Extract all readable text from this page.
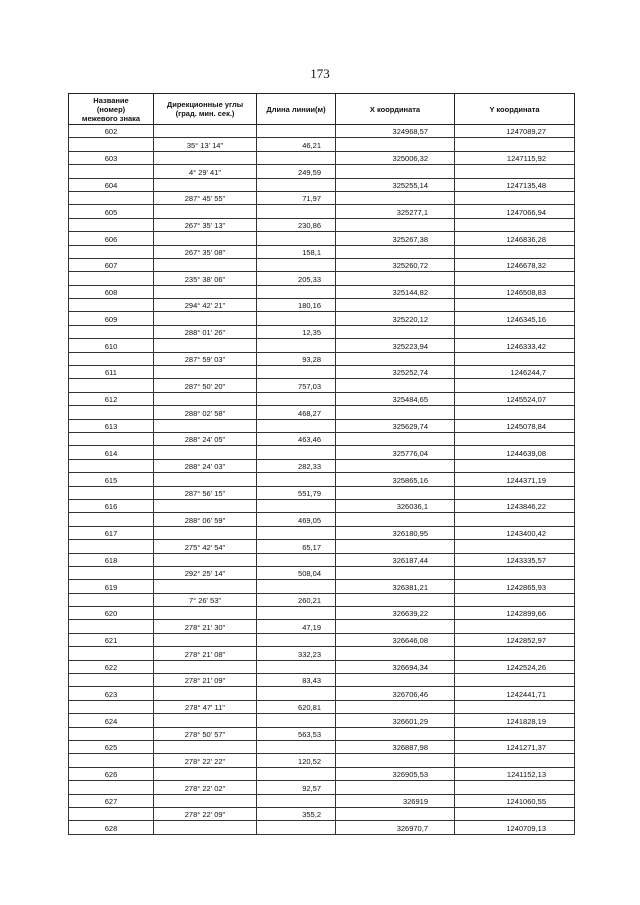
173
Название
(номер)
межевого знака	Дирекционные углы
(град. мин. сек.)	Длина линии(м)	X координата	Y координата
602			324968,57	1247089,27
	35° 13' 14"	46,21		
603			325006,32	1247115,92
	4° 29' 41"	249,59		
604			325255,14	1247135,48
	287° 45' 55"	71,97		
605			325277,1	1247066,94
	267° 35' 13"	230,86		
606			325267,38	1246836,28
	267° 35' 08"	158,1		
607			325260,72	1246678,32
	235° 38' 06"	205,33		
608			325144,82	1246508,83
	294° 42' 21"	180,16		
609			325220,12	1246345,16
	288° 01' 26"	12,35		
610			325223,94	1246333,42
	287° 59' 03"	93,28		
611			325252,74	1246244,7
	287° 50' 20"	757,03		
612			325484,65	1245524,07
	288° 02' 58"	468,27		
613			325629,74	1245078,84
	288° 24' 05"	463,46		
614			325776,04	1244639,08
	288° 24' 03"	282,33		
615			325865,16	1244371,19
	287° 56' 15"	551,79		
616			326036,1	1243846,22
	288° 06' 59"	469,05		
617			326180,95	1243400,42
	275° 42' 54"	65,17		
618			326187,44	1243335,57
	292° 25' 14"	508,04		
619			326381,21	1242865,93
	7° 26' 53"	260,21		
620			326639,22	1242899,66
	278° 21' 30"	47,19		
621			326646,08	1242852,97
	278° 21' 08"	332,23		
622			326694,34	1242524,26
	278° 21' 09"	83,43		
623			326706,46	1242441,71
	278° 47' 11"	620,81		
624			326601,29	1241828,19
	278° 50' 57"	563,53		
625			326887,98	1241271,37
	278° 22' 22"	120,52		
626			326905,53	1241152,13
	278° 22' 02"	92,57		
627			326919	1241060,55
	278° 22' 09"	355,2		
628			326970,7	1240709,13
